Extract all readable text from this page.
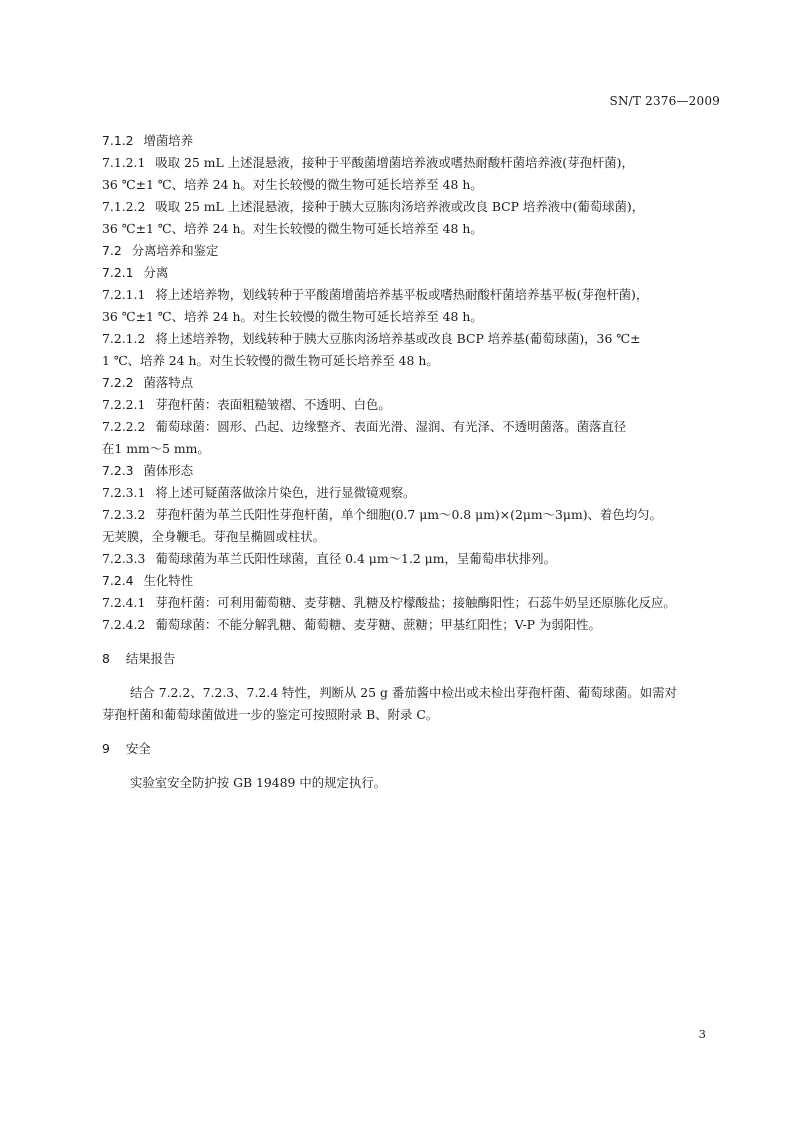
SN/T 2376—2009
7.1.2 增菌培养
7.1.2.1 吸取 25 mL 上述混悬液，接种于平酸菌增菌培养液或嗜热耐酸杆菌培养液(芽孢杆菌)，
36 ℃±1 ℃、培养 24 h。对生长较慢的微生物可延长培养至 48 h。
7.1.2.2 吸取 25 mL 上述混悬液，接种于胰大豆胨肉汤培养液或改良 BCP 培养液中(葡萄球菌)，
36 ℃±1 ℃、培养 24 h。对生长较慢的微生物可延长培养至 48 h。
7.2 分离培养和鉴定
7.2.1 分离
7.2.1.1 将上述培养物，划线转种于平酸菌增菌培养基平板或嗜热耐酸杆菌培养基平板(芽孢杆菌)，
36 ℃±1 ℃、培养 24 h。对生长较慢的微生物可延长培养至 48 h。
7.2.1.2 将上述培养物，划线转种于胰大豆胨肉汤培养基或改良 BCP 培养基(葡萄球菌)，36 ℃±
1 ℃、培养 24 h。对生长较慢的微生物可延长培养至 48 h。
7.2.2 菌落特点
7.2.2.1 芽孢杆菌：表面粗糙皱褶、不透明、白色。
7.2.2.2 葡萄球菌：圆形、凸起、边缘整齐、表面光滑、湿润、有光泽、不透明菌落。菌落直径
在1 mm～5 mm。
7.2.3 菌体形态
7.2.3.1 将上述可疑菌落做涂片染色，进行显微镜观察。
7.2.3.2 芽孢杆菌为革兰氏阳性芽孢杆菌，单个细胞(0.7 μm～0.8 μm)×(2μm～3μm)、着色均匀。
无荚膜，全身鞭毛。芽孢呈椭圆或柱状。
7.2.3.3 葡萄球菌为革兰氏阳性球菌，直径 0.4 μm～1.2 μm，呈葡萄串状排列。
7.2.4 生化特性
7.2.4.1 芽孢杆菌：可利用葡萄糖、麦芽糖、乳糖及柠檬酸盐；接触酶阳性；石蕊牛奶呈还原胨化反应。
7.2.4.2 葡萄球菌：不能分解乳糖、葡萄糖、麦芽糖、蔗糖；甲基红阳性；V-P 为弱阳性。
8 结果报告
结合 7.2.2、7.2.3、7.2.4 特性，判断从 25 g 番茄酱中检出或未检出芽孢杆菌、葡萄球菌。如需对
芽孢杆菌和葡萄球菌做进一步的鉴定可按照附录 B、附录 C。
9 安全
实验室安全防护按 GB 19489 中的规定执行。
3
